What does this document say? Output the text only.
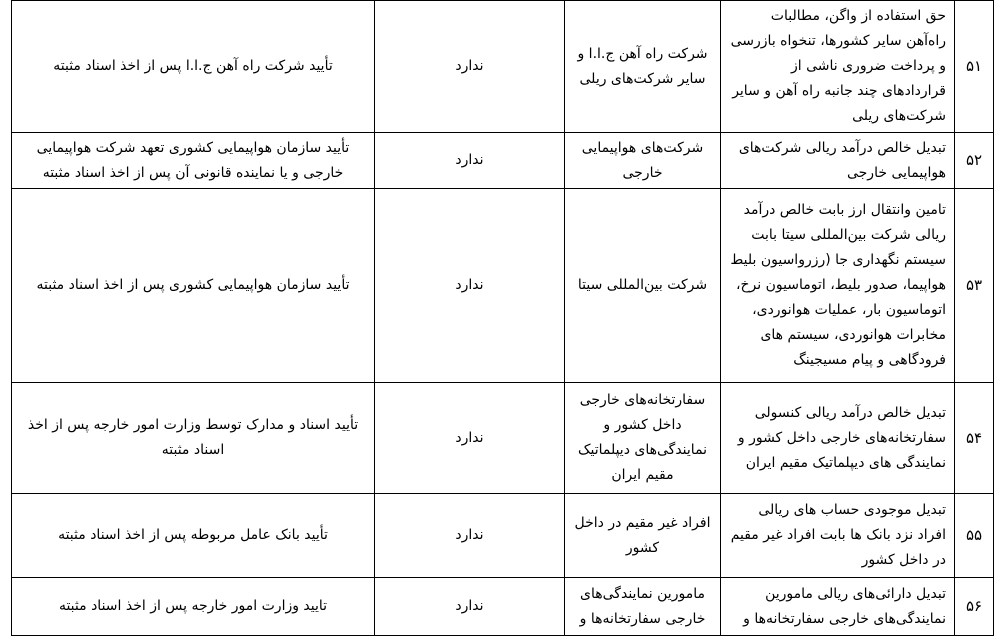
۵۱	حق استفاده از واگن، مطالبات راه‌آهن سایر کشورها، تنخواه بازرسی و پرداخت ضروری ناشی از قراردادهای چند جانبه راه آهن و سایر شرکت‌های ریلی	شرکت راه آهن ج.ا.ا و سایر شرکت‌های ریلی	ندارد	تأیید شرکت راه آهن ج.ا.ا پس از اخذ اسناد مثبته
۵۲	تبدیل خالص درآمد ریالی شرکت‌های هواپیمایی خارجی	شرکت‌های هواپیمایی خارجی	ندارد	تأیید سازمان هواپیمایی کشوری تعهد شرکت هواپیمایی خارجی و یا نماینده قانونی آن پس از اخذ اسناد مثبته
۵۳	تامین وانتقال ارز بابت خالص درآمد ریالی شرکت بین‌المللی سیتا بابت سیستم نگهداری جا (رزرواسیون بلیط هواپیما، صدور بلیط، اتوماسیون نرخ، اتوماسیون بار، عملیات هوانوردی، مخابرات هوانوردی، سیستم های فرودگاهی و پیام مسیجینگ	شرکت بین‌المللی سیتا	ندارد	تأیید سازمان هواپیمایی کشوری پس از اخذ اسناد مثبته
۵۴	تبدیل خالص درآمد ریالی کنسولی سفارتخانه‌های خارجی داخل کشور و نمایندگی های دیپلماتیک مقیم ایران	سفارتخانه‌های خارجی داخل کشور و نمایندگی‌های دیپلماتیک مقیم ایران	ندارد	تأیید اسناد و مدارک توسط وزارت امور خارجه پس از اخذ اسناد مثبته
۵۵	تبدیل موجودی حساب های ریالی افراد نزد بانک ها بابت افراد غیر مقیم در داخل کشور	افراد غیر مقیم در داخل کشور	ندارد	تأیید بانک عامل مربوطه پس از اخذ اسناد مثبته
۵۶	تبدیل دارائی‌های ریالی مامورین نمایندگی‌های خارجی سفارتخانه‌ها و	مامورین نمایندگی‌های خارجی سفارتخانه‌ها و	ندارد	تایید وزارت امور خارجه پس از اخذ اسناد مثبته
